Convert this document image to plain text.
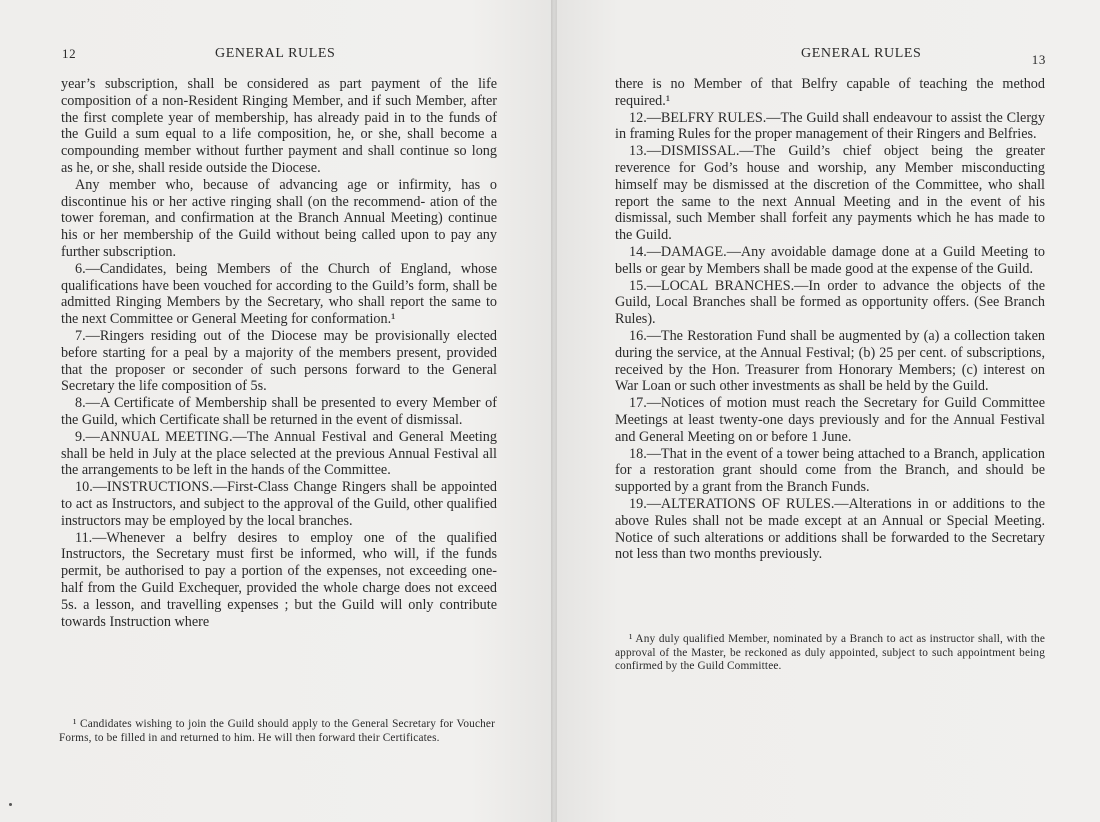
12	GENERAL RULES

year’s subscription, shall be considered as part payment of the life composition of a non-Resident Ringing Member, and if such Member, after the first complete year of membership, has already paid in to the funds of the Guild a sum equal to a life composition, he, or she, shall become a compounding member without further payment and shall continue so long as he, or she, shall reside outside the Diocese.

Any member who, because of advancing age or infirmity, has o discontinue his or her active ringing shall (on the recommend- ation of the tower foreman, and confirmation at the Branch Annual Meeting) continue his or her membership of the Guild without being called upon to pay any further subscription.

6.—Candidates, being Members of the Church of England, whose qualifications have been vouched for according to the Guild’s form, shall be admitted Ringing Members by the Secretary, who shall report the same to the next Committee or General Meeting for conformation.¹

7.—Ringers residing out of the Diocese may be provisionally elected before starting for a peal by a majority of the members present, provided that the proposer or seconder of such persons forward to the General Secretary the life composition of 5s.

8.—A Certificate of Membership shall be presented to every Member of the Guild, which Certificate shall be returned in the event of dismissal.

9.—ANNUAL MEETING.—The Annual Festival and General Meeting shall be held in July at the place selected at the previous Annual Festival all the arrangements to be left in the hands of the Committee.

10.—INSTRUCTIONS.—First-Class Change Ringers shall be appointed to act as Instructors, and subject to the approval of the Guild, other qualified instructors may be employed by the local branches.

11.—Whenever a belfry desires to employ one of the qualified Instructors, the Secretary must first be informed, who will, if the funds permit, be authorised to pay a portion of the expenses, not exceeding one-half from the Guild Exchequer, provided the whole charge does not exceed 5s. a lesson, and travelling expenses ; but the Guild will only contribute towards Instruction where

¹ Candidates wishing to join the Guild should apply to the General Secretary for Voucher Forms, to be filled in and returned to him. He will then forward their Certificates.
GENERAL RULES	13

there is no Member of that Belfry capable of teaching the method required.¹

12.—BELFRY RULES.—The Guild shall endeavour to assist the Clergy in framing Rules for the proper management of their Ringers and Belfries.

13.—DISMISSAL.—The Guild’s chief object being the greater reverence for God’s house and worship, any Member misconducting himself may be dismissed at the discretion of the Committee, who shall report the same to the next Annual Meeting and in the event of his dismissal, such Member shall forfeit any payments which he has made to the Guild.

14.—DAMAGE.—Any avoidable damage done at a Guild Meeting to bells or gear by Members shall be made good at the expense of the Guild.

15.—LOCAL BRANCHES.—In order to advance the objects of the Guild, Local Branches shall be formed as opportunity offers. (See Branch Rules).

16.—The Restoration Fund shall be augmented by (a) a collection taken during the service, at the Annual Festival; (b) 25 per cent. of subscriptions, received by the Hon. Treasurer from Honorary Members; (c) interest on War Loan or such other investments as shall be held by the Guild.

17.—Notices of motion must reach the Secretary for Guild Committee Meetings at least twenty-one days previously and for the Annual Festival and General Meeting on or before 1 June.

18.—That in the event of a tower being attached to a Branch, application for a restoration grant should come from the Branch, and should be supported by a grant from the Branch Funds.

19.—ALTERATIONS OF RULES.—Alterations in or additions to the above Rules shall not be made except at an Annual or Special Meeting. Notice of such alterations or additions shall be forwarded to the Secretary not less than two months previously.

¹ Any duly qualified Member, nominated by a Branch to act as instructor shall, with the approval of the Master, be reckoned as duly appointed, subject to such appointment being confirmed by the Guild Committee.
